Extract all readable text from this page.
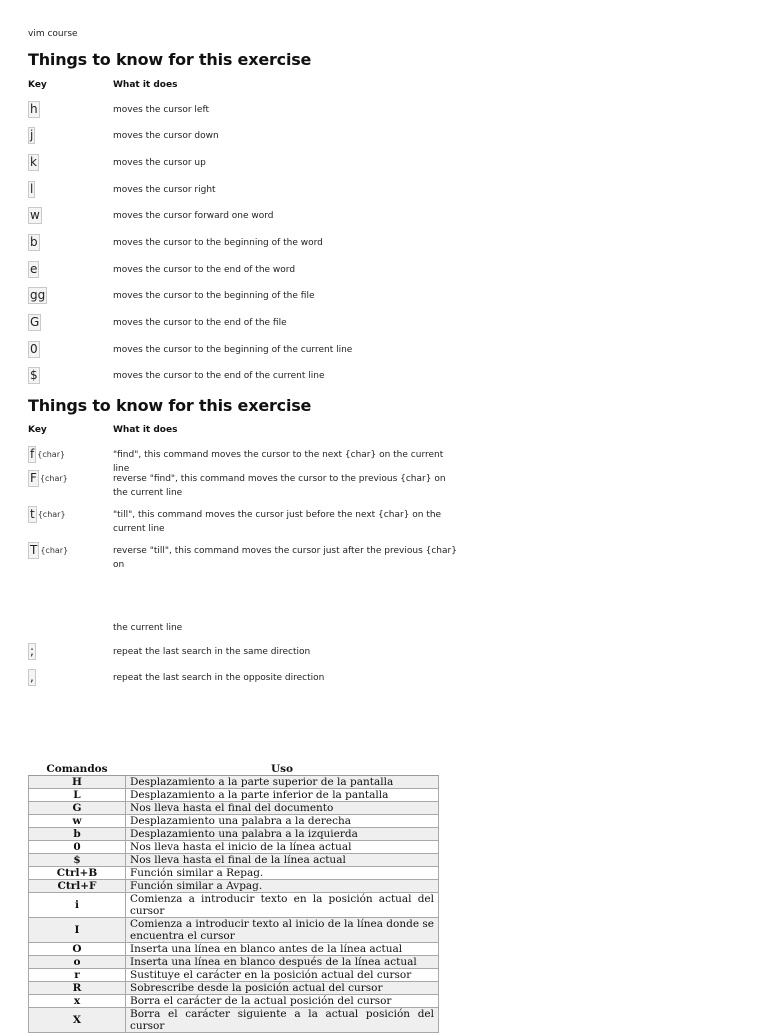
vim course
Things to know for this exercise
Key	What it does
h	moves the cursor left
j	moves the cursor down
k	moves the cursor up
l	moves the cursor right
w	moves the cursor forward one word
b	moves the cursor to the beginning of the word
e	moves the cursor to the end of the word
gg	moves the cursor to the beginning of the file
G	moves the cursor to the end of the file
0	moves the cursor to the beginning of the current line
$	moves the cursor to the end of the current line
Things to know for this exercise
Key	What it does
f {char}	"find", this command moves the cursor to the next {char} on the current line
F {char}	reverse "find", this command moves the cursor to the previous {char} on the current line
t {char}	"till", this command moves the cursor just before the next {char} on the current line
T {char}	reverse "till", this command moves the cursor just after the previous {char} on
the current line
;	repeat the last search in the same direction
,	repeat the last search in the opposite direction
Comandos	Uso
H	Desplazamiento a la parte superior de la pantalla
L	Desplazamiento a la parte inferior de la pantalla
G	Nos lleva hasta el final del documento
w	Desplazamiento una palabra a la derecha
b	Desplazamiento una palabra a la izquierda
0	Nos lleva hasta el inicio de la línea actual
$	Nos lleva hasta el final de la línea actual
Ctrl+B	Función similar a Repag.
Ctrl+F	Función similar a Avpag.
i	Comienza a introducir texto en la posición actual del cursor
I	Comienza a introducir texto al inicio de la línea donde se encuentra el cursor
O	Inserta una línea en blanco antes de la línea actual
o	Inserta una línea en blanco después de la línea actual
r	Sustituye el carácter en la posición actual del cursor
R	Sobrescribe desde la posición actual del cursor
x	Borra el carácter de la actual posición del cursor
X	Borra el carácter siguiente a la actual posición del cursor
